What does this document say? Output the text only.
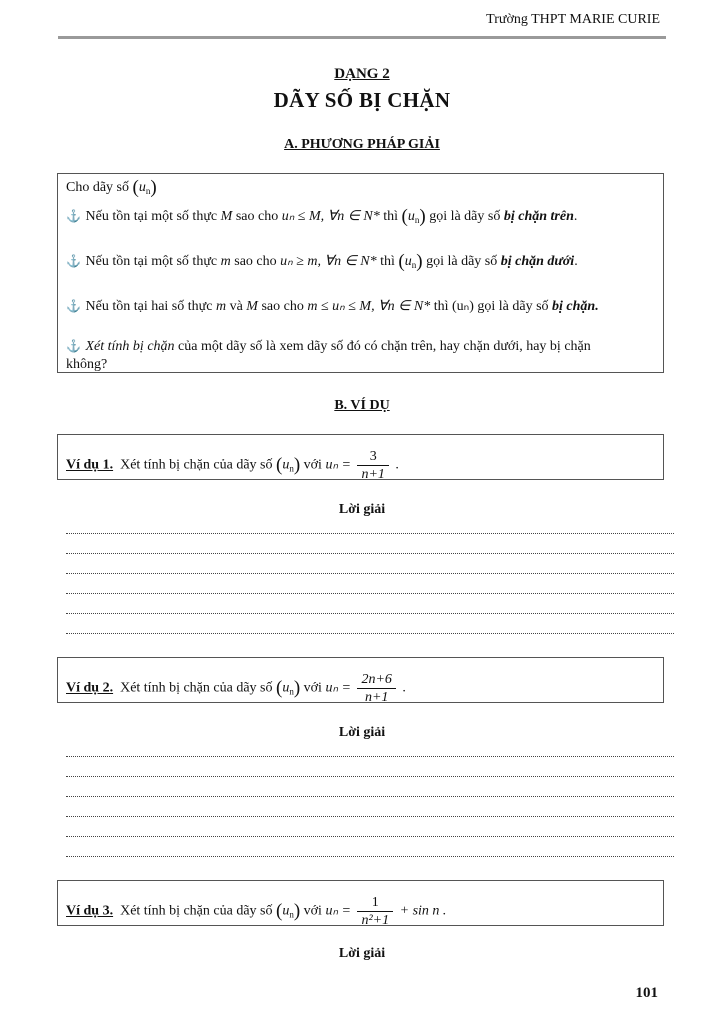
Trường THPT MARIE CURIE
DẠNG 2
DÃY SỐ BỊ CHẶN
A. PHƯƠNG PHÁP GIẢI
Cho dãy số $(u_n)$
⚓ Nếu tồn tại một số thực M sao cho uₙ ≤ M, ∀n ∈ N* thì $(u_n)$ gọi là dãy số bị chặn trên.
⚓ Nếu tồn tại một số thực m sao cho uₙ ≥ m, ∀n ∈ N* thì $(u_n)$ gọi là dãy số bị chặn dưới.
⚓ Nếu tồn tại hai số thực m và M sao cho m ≤ uₙ ≤ M, ∀n ∈ N* thì (uₙ) gọi là dãy số bị chặn.
⚓ Xét tính bị chặn của một dãy số là xem dãy số đó có chặn trên, hay chặn dưới, hay bị chặn
không?
B. VÍ DỤ
Ví dụ 1. Xét tính bị chặn của dãy số $(u_n)$ với $u_n = \frac{3}{n+1}$ .
Lời giải
Ví dụ 2. Xét tính bị chặn của dãy số $(u_n)$ với $u_n = \frac{2n+6}{n+1}$ .
Lời giải
Ví dụ 3. Xét tính bị chặn của dãy số $(u_n)$ với $u_n = \frac{1}{\text{n²+1}} + \sin n$ .
Lời giải
101
